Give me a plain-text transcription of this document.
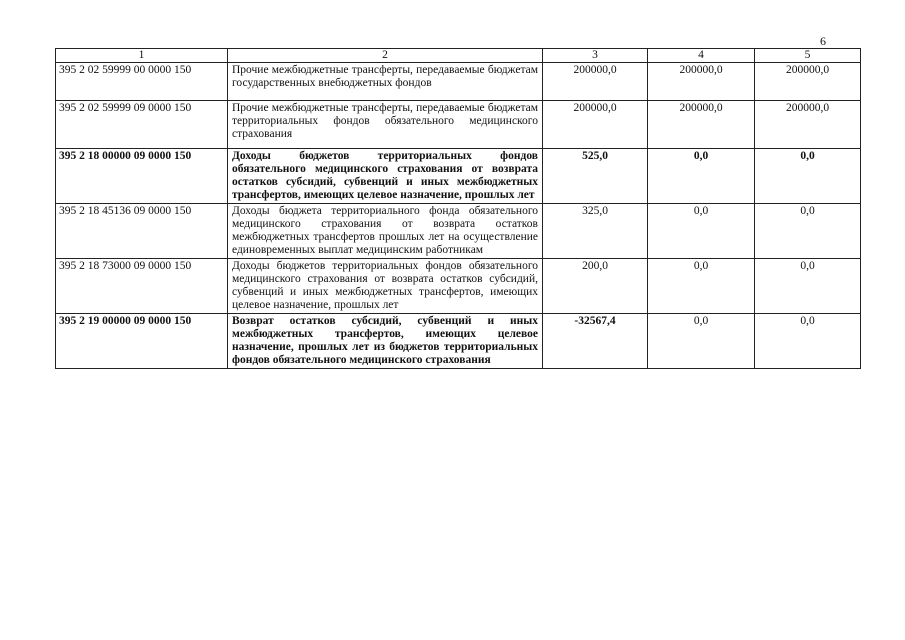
6
1	2	3	4	5
395 2 02 59999 00 0000 150	Прочие межбюджетные трансферты, передаваемые бюджетам государственных внебюджетных фондов	200000,0	200000,0	200000,0
395 2 02 59999 09 0000 150	Прочие межбюджетные трансферты, передаваемые бюджетам территориальных фондов обязательного медицинского страхования	200000,0	200000,0	200000,0
395 2 18 00000 09 0000 150	Доходы бюджетов территориальных фондов обязательного медицинского страхования от возврата остатков субсидий, субвенций и иных межбюджетных трансфертов, имеющих целевое назначение, прошлых лет	525,0	0,0	0,0
395 2 18 45136 09 0000 150	Доходы бюджета территориального фонда обязательного медицинского страхования от возврата остатков межбюджетных трансфертов прошлых лет на осуществление единовременных выплат медицинским работникам	325,0	0,0	0,0
395 2 18 73000 09 0000 150	Доходы бюджетов территориальных фондов обязательного медицинского страхования от возврата остатков субсидий, субвенций и иных межбюджетных трансфертов, имеющих целевое назначение, прошлых лет	200,0	0,0	0,0
395 2 19 00000 09 0000 150	Возврат остатков субсидий, субвенций и иных межбюджетных трансфертов, имеющих целевое назначение, прошлых лет из бюджетов территориальных фондов обязательного медицинского страхования	-32567,4	0,0	0,0
